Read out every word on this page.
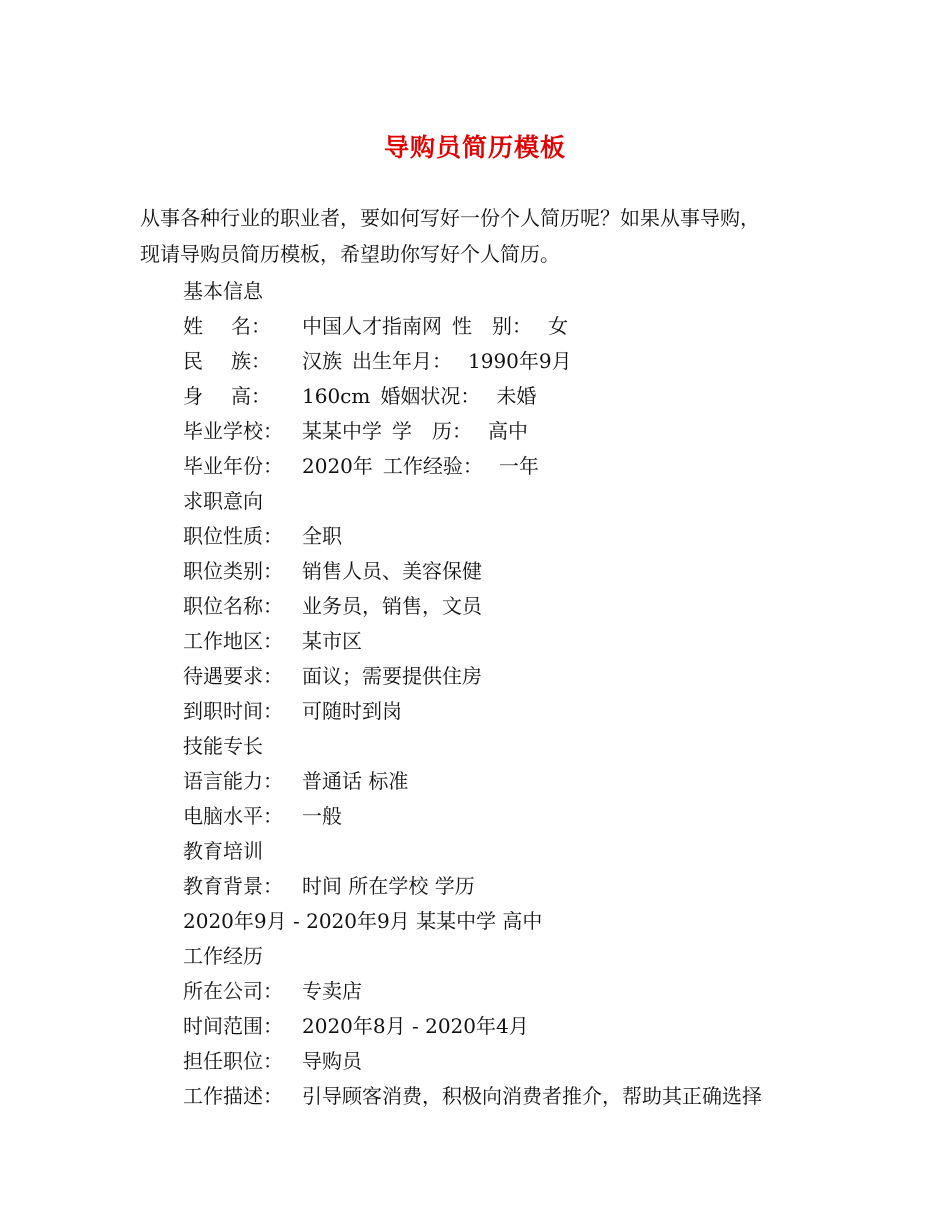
导购员简历模板

从事各种行业的职业者，要如何写好一份个人简历呢？如果从事导购，

现请导购员简历模板，希望助你写好个人简历。

基本信息
姓 名： 中国人才指南网 性 别： 女
民 族： 汉族 出生年月： 1990年9月
身 高： 160cm 婚姻状况： 未婚
毕业学校： 某某中学 学 历： 高中
毕业年份： 2020年 工作经验： 一年
求职意向
职位性质： 全职
职位类别： 销售人员、美容保健
职位名称： 业务员，销售，文员
工作地区： 某市区
待遇要求： 面议；需要提供住房
到职时间： 可随时到岗
技能专长
语言能力： 普通话 标准
电脑水平： 一般
教育培训
教育背景： 时间 所在学校 学历
2020年9月 - 2020年9月 某某中学 高中
工作经历
所在公司： 专卖店
时间范围： 2020年8月 - 2020年4月
担任职位： 导购员
工作描述： 引导顾客消费，积极向消费者推介，帮助其正确选择
